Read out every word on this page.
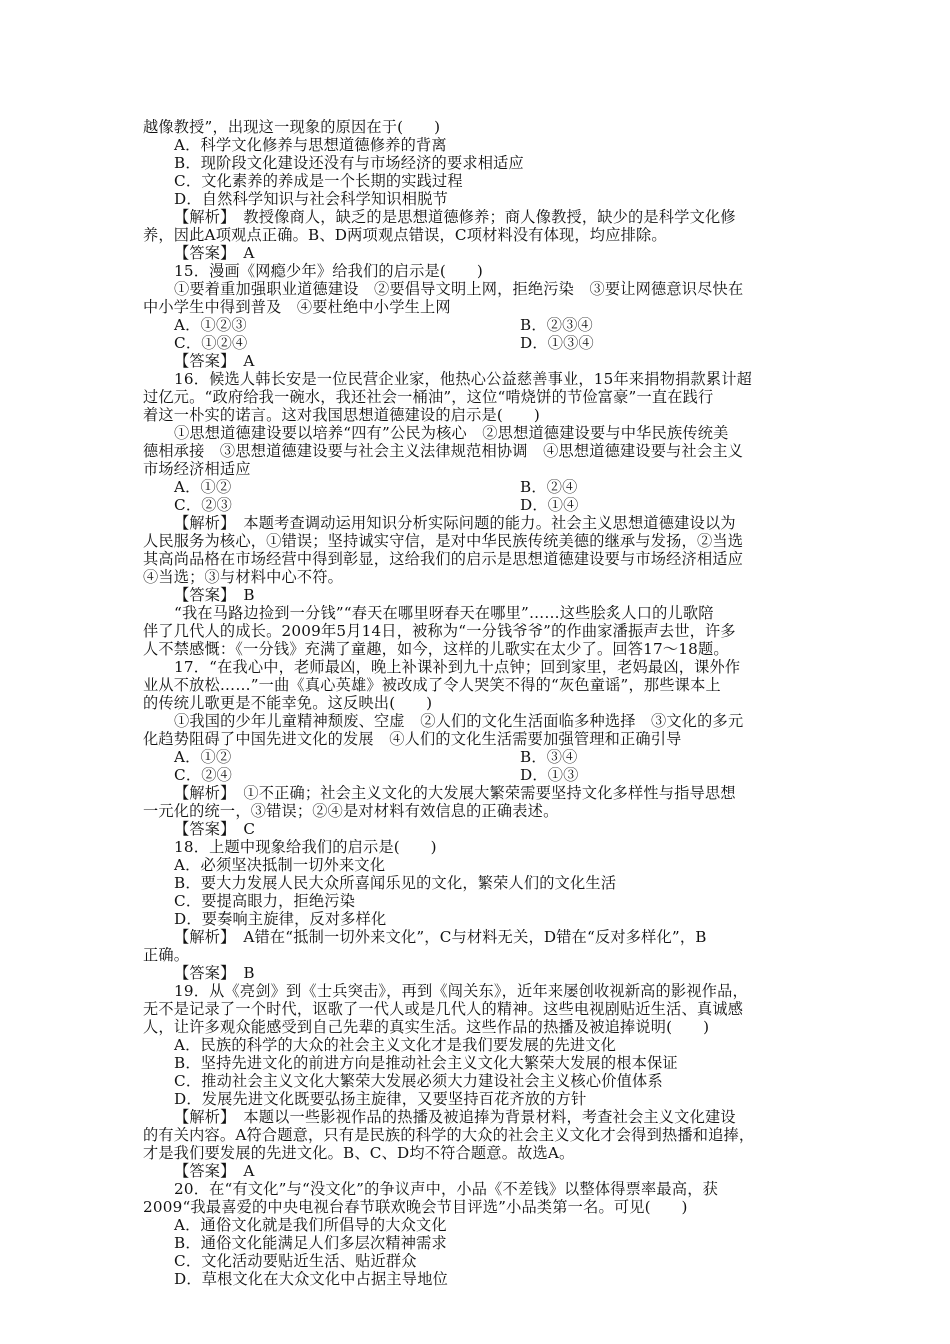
越像教授”，出现这一现象的原因在于(　　)
A．科学文化修养与思想道德修养的背离
B．现阶段文化建设还没有与市场经济的要求相适应
C．文化素养的养成是一个长期的实践过程
D．自然科学知识与社会科学知识相脱节
【解析】　教授像商人，缺乏的是思想道德修养；商人像教授，缺少的是科学文化修
养，因此A项观点正确。B、D两项观点错误，C项材料没有体现，均应排除。
【答案】　A
15．漫画《网瘾少年》给我们的启示是(　　)
①要着重加强职业道德建设　②要倡导文明上网，拒绝污染　③要让网德意识尽快在
中小学生中得到普及　④要杜绝中小学生上网
A．①②③	B．②③④
C．①②④	D．①③④
【答案】　A
16．候选人韩长安是一位民营企业家，他热心公益慈善事业，15年来捐物捐款累计超
过亿元。“政府给我一碗水，我还社会一桶油”，这位“啃烧饼的节俭富豪”一直在践行
着这一朴实的诺言。这对我国思想道德建设的启示是(　　)
①思想道德建设要以培养“四有”公民为核心　②思想道德建设要与中华民族传统美
德相承接　③思想道德建设要与社会主义法律规范相协调　④思想道德建设要与社会主义
市场经济相适应
A．①②	B．②④
C．②③	D．①④
【解析】　本题考查调动运用知识分析实际问题的能力。社会主义思想道德建设以为
人民服务为核心，①错误；坚持诚实守信，是对中华民族传统美德的继承与发扬，②当选
其高尚品格在市场经营中得到彰显，这给我们的启示是思想道德建设要与市场经济相适应
④当选；③与材料中心不符。
【答案】　B
“我在马路边捡到一分钱”“春天在哪里呀春天在哪里”……这些脍炙人口的儿歌陪
伴了几代人的成长。2009年5月14日，被称为“一分钱爷爷”的作曲家潘振声去世，许多
人不禁感慨：《一分钱》充满了童趣，如今，这样的儿歌实在太少了。回答17～18题。
17．“在我心中，老师最凶，晚上补课补到九十点钟；回到家里，老妈最凶，课外作
业从不放松……”一曲《真心英雄》被改成了令人哭笑不得的“灰色童谣”，那些课本上
的传统儿歌更是不能幸免。这反映出(　　)
①我国的少年儿童精神颓废、空虚　②人们的文化生活面临多种选择　③文化的多元
化趋势阻碍了中国先进文化的发展　④人们的文化生活需要加强管理和正确引导
A．①②	B．③④
C．②④	D．①③
【解析】　①不正确；社会主义文化的大发展大繁荣需要坚持文化多样性与指导思想
一元化的统一，③错误；②④是对材料有效信息的正确表述。
【答案】　C
18．上题中现象给我们的启示是(　　)
A．必须坚决抵制一切外来文化
B．要大力发展人民大众所喜闻乐见的文化，繁荣人们的文化生活
C．要提高眼力，拒绝污染
D．要奏响主旋律，反对多样化
【解析】　A错在“抵制一切外来文化”，C与材料无关，D错在“反对多样化”，B
正确。
【答案】　B
19．从《亮剑》到《士兵突击》，再到《闯关东》，近年来屡创收视新高的影视作品，
无不是记录了一个时代，讴歌了一代人或是几代人的精神。这些电视剧贴近生活、真诚感
人，让许多观众能感受到自己先辈的真实生活。这些作品的热播及被追捧说明(　　)
A．民族的科学的大众的社会主义文化才是我们要发展的先进文化
B．坚持先进文化的前进方向是推动社会主义文化大繁荣大发展的根本保证
C．推动社会主义文化大繁荣大发展必须大力建设社会主义核心价值体系
D．发展先进文化既要弘扬主旋律，又要坚持百花齐放的方针
【解析】　本题以一些影视作品的热播及被追捧为背景材料，考查社会主义文化建设
的有关内容。A符合题意，只有是民族的科学的大众的社会主义文化才会得到热播和追捧，
才是我们要发展的先进文化。B、C、D均不符合题意。故选A。
【答案】　A
20．在“有文化”与“没文化”的争议声中，小品《不差钱》以整体得票率最高，获
2009“我最喜爱的中央电视台春节联欢晚会节目评选”小品类第一名。可见(　　)
A．通俗文化就是我们所倡导的大众文化
B．通俗文化能满足人们多层次精神需求
C．文化活动要贴近生活、贴近群众
D．草根文化在大众文化中占据主导地位
